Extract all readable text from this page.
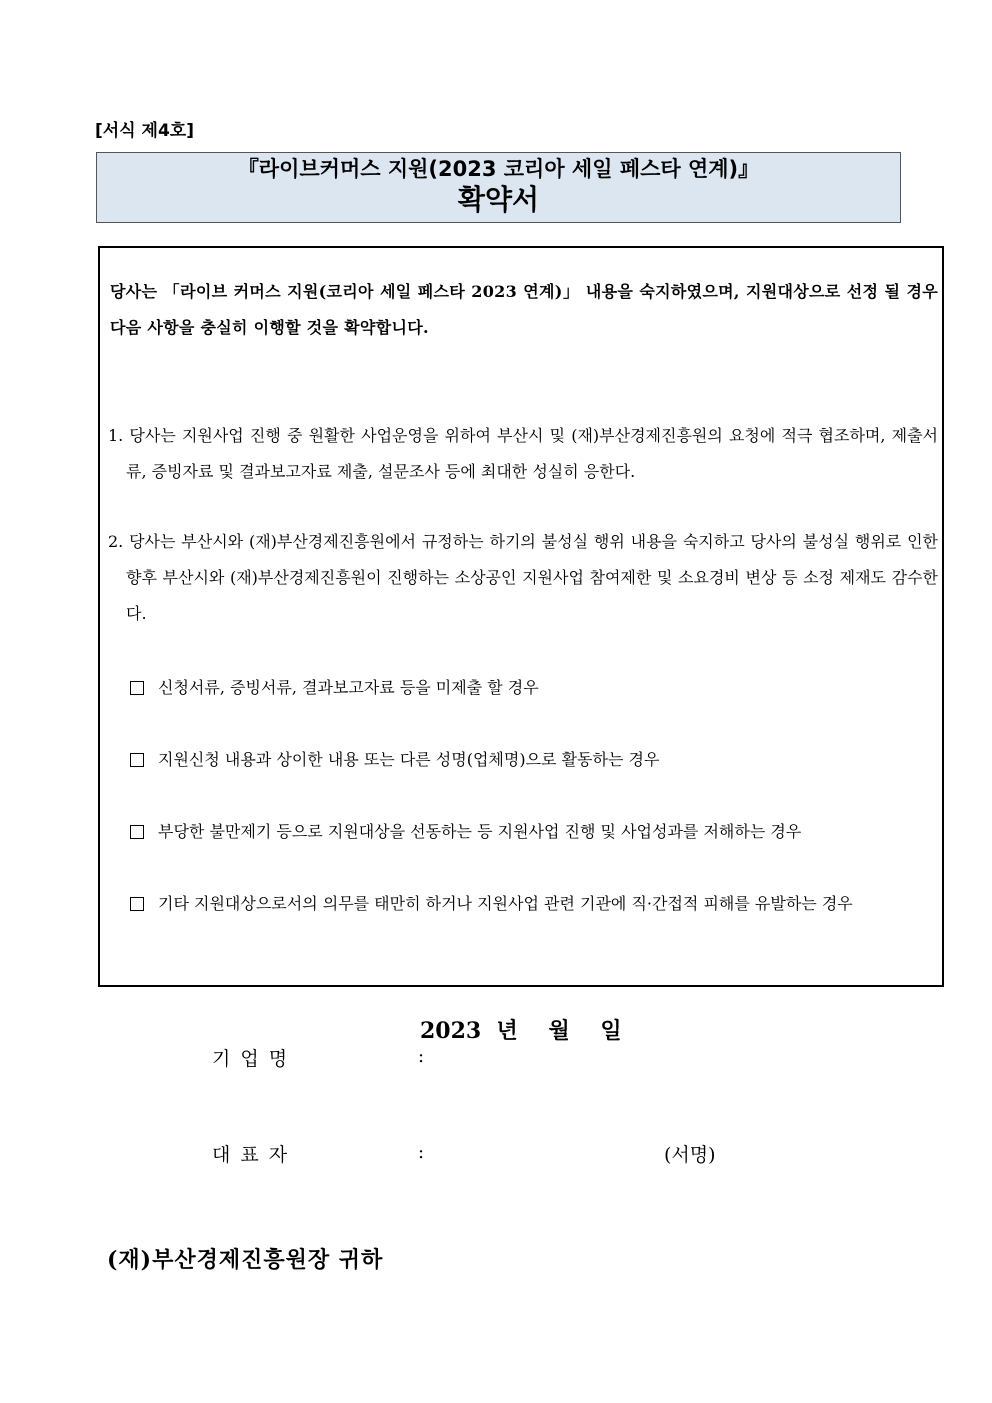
[서식 제4호]
『라이브커머스 지원(2023 코리아 세일 페스타 연계)』
확약서
당사는 「라이브 커머스 지원(코리아 세일 페스타 2023 연계)」 내용을 숙지하였으며, 지원대상으로 선정 될 경우 다음 사항을 충실히 이행할 것을 확약합니다.
1. 당사는 지원사업 진행 중 원활한 사업운영을 위하여 부산시 및 (재)부산경제진흥원의 요청에 적극 협조하며, 제출서류, 증빙자료 및 결과보고자료 제출, 설문조사 등에 최대한 성실히 응한다.
2. 당사는 부산시와 (재)부산경제진흥원에서 규정하는 하기의 불성실 행위 내용을 숙지하고 당사의 불성실 행위로 인한 향후 부산시와 (재)부산경제진흥원이 진행하는 소상공인 지원사업 참여제한 및 소요경비 변상 등 소정 제재도 감수한다.
신청서류, 증빙서류, 결과보고자료 등을 미제출 할 경우
지원신청 내용과 상이한 내용 또는 다른 성명(업체명)으로 활동하는 경우
부당한 불만제기 등으로 지원대상을 선동하는 등 지원사업 진행 및 사업성과를 저해하는 경우
기타 지원대상으로서의 의무를 태만히 하거나 지원사업 관련 기관에 직·간접적 피해를 유발하는 경우
2023  년    월    일
기업명	:
대표자	:	(서명)
(재)부산경제진흥원장 귀하
